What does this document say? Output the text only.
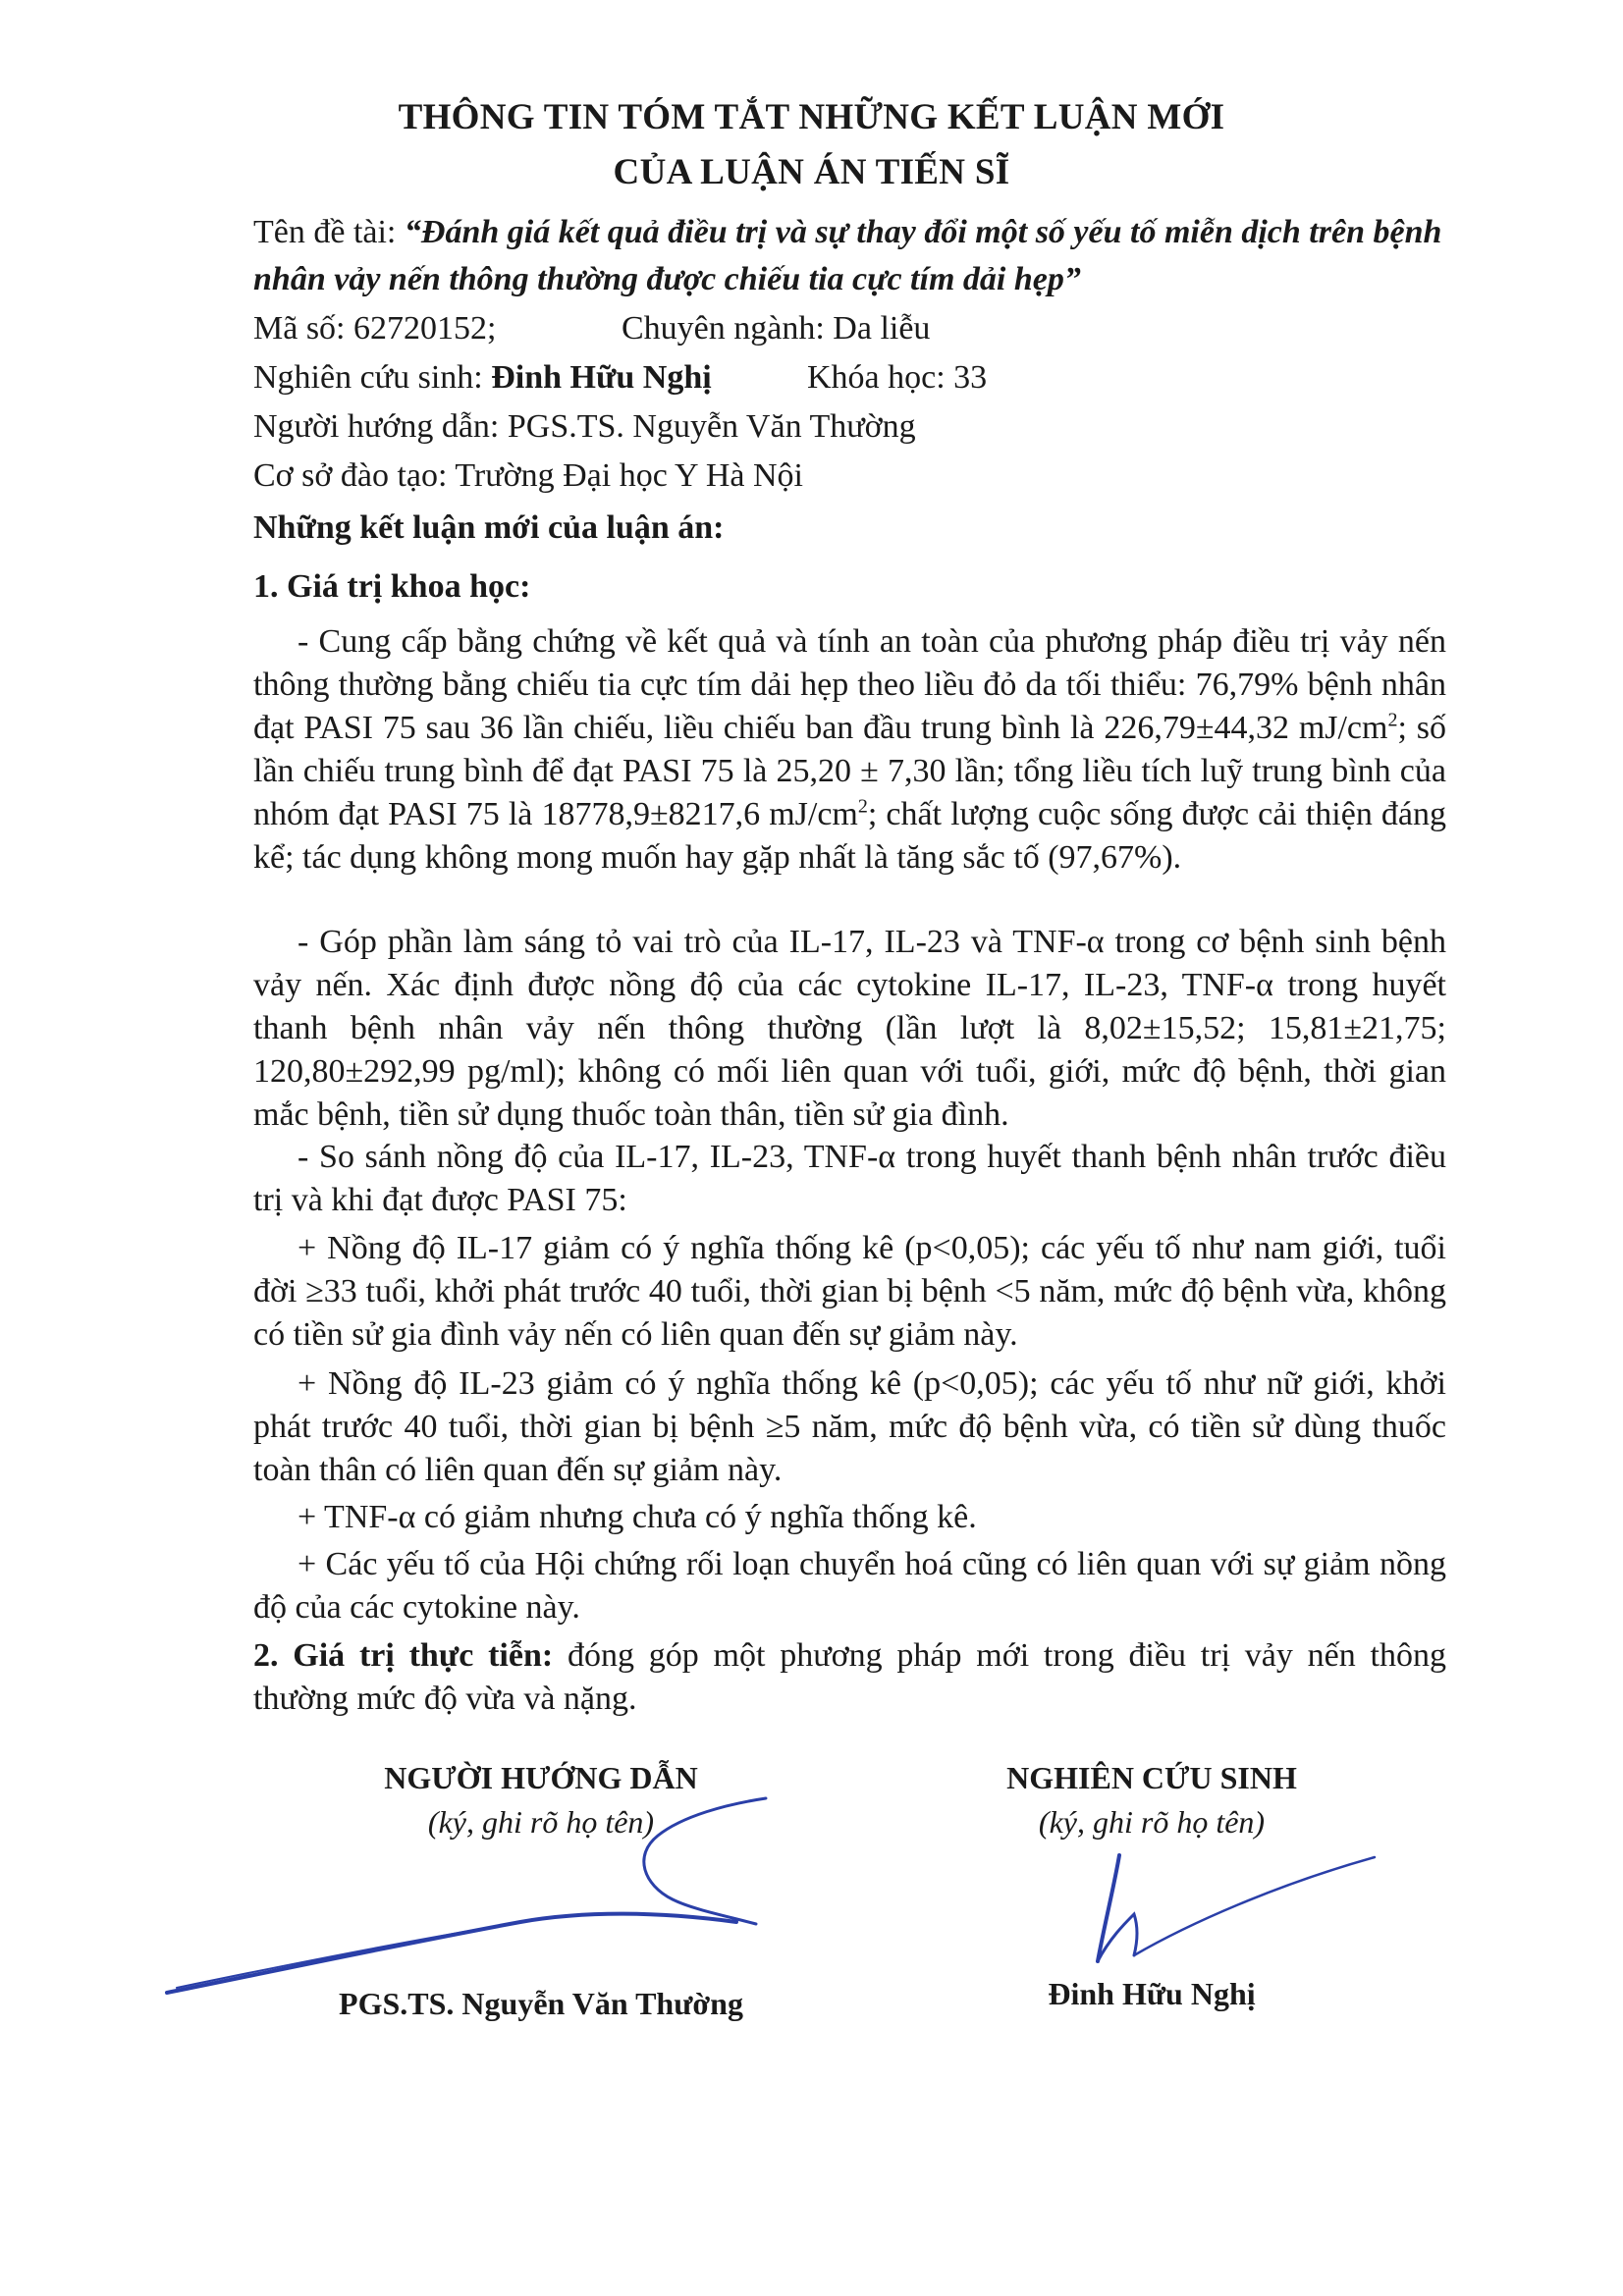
THÔNG TIN TÓM TẮT NHỮNG KẾT LUẬN MỚI
CỦA LUẬN ÁN TIẾN SĨ
Tên đề tài: “Đánh giá kết quả điều trị và sự thay đổi một số yếu tố miễn dịch trên bệnh
nhân vảy nến thông thường được chiếu tia cực tím dải hẹp”
Mã số: 62720152;	Chuyên ngành: Da liễu
Nghiên cứu sinh: Đinh Hữu Nghị	Khóa học: 33
Người hướng dẫn: PGS.TS. Nguyễn Văn Thường
Cơ sở đào tạo: Trường Đại học Y Hà Nội
Những kết luận mới của luận án:
1. Giá trị khoa học:
- Cung cấp bằng chứng về kết quả và tính an toàn của phương pháp điều trị vảy nến thông thường bằng chiếu tia cực tím dải hẹp theo liều đỏ da tối thiểu: 76,79% bệnh nhân đạt PASI 75 sau 36 lần chiếu, liều chiếu ban đầu trung bình là 226,79±44,32 $mJ/cm^2$; số lần chiếu trung bình để đạt PASI 75 là 25,20 ± 7,30 lần; tổng liều tích luỹ trung bình của nhóm đạt PASI 75 là 18778,9±8217,6 $mJ/cm^2$; chất lượng cuộc sống được cải thiện đáng kể; tác dụng không mong muốn hay gặp nhất là tăng sắc tố (97,67%).
- Góp phần làm sáng tỏ vai trò của IL-17, IL-23 và TNF-α trong cơ bệnh sinh bệnh vảy nến. Xác định được nồng độ của các cytokine IL-17, IL-23, TNF-α trong huyết thanh bệnh nhân vảy nến thông thường (lần lượt là 8,02±15,52; 15,81±21,75; 120,80±292,99 pg/ml); không có mối liên quan với tuổi, giới, mức độ bệnh, thời gian mắc bệnh, tiền sử dụng thuốc toàn thân, tiền sử gia đình.
- So sánh nồng độ của IL-17, IL-23, TNF-α trong huyết thanh bệnh nhân trước điều trị và khi đạt được PASI 75:
+ Nồng độ IL-17 giảm có ý nghĩa thống kê (p<0,05); các yếu tố như nam giới, tuổi đời ≥33 tuổi, khởi phát trước 40 tuổi, thời gian bị bệnh <5 năm, mức độ bệnh vừa, không có tiền sử gia đình vảy nến có liên quan đến sự giảm này.
+ Nồng độ IL-23 giảm có ý nghĩa thống kê (p<0,05); các yếu tố như nữ giới, khởi phát trước 40 tuổi, thời gian bị bệnh ≥5 năm, mức độ bệnh vừa, có tiền sử dùng thuốc toàn thân có liên quan đến sự giảm này.
+ TNF-α có giảm nhưng chưa có ý nghĩa thống kê.
+ Các yếu tố của Hội chứng rối loạn chuyển hoá cũng có liên quan với sự giảm nồng độ của các cytokine này.
2. Giá trị thực tiễn: đóng góp một phương pháp mới trong điều trị vảy nến thông thường mức độ vừa và nặng.
NGƯỜI HƯỚNG DẪN
(ký, ghi rõ họ tên)
NGHIÊN CỨU SINH
(ký, ghi rõ họ tên)
PGS.TS. Nguyễn Văn Thường	Đinh Hữu Nghị
